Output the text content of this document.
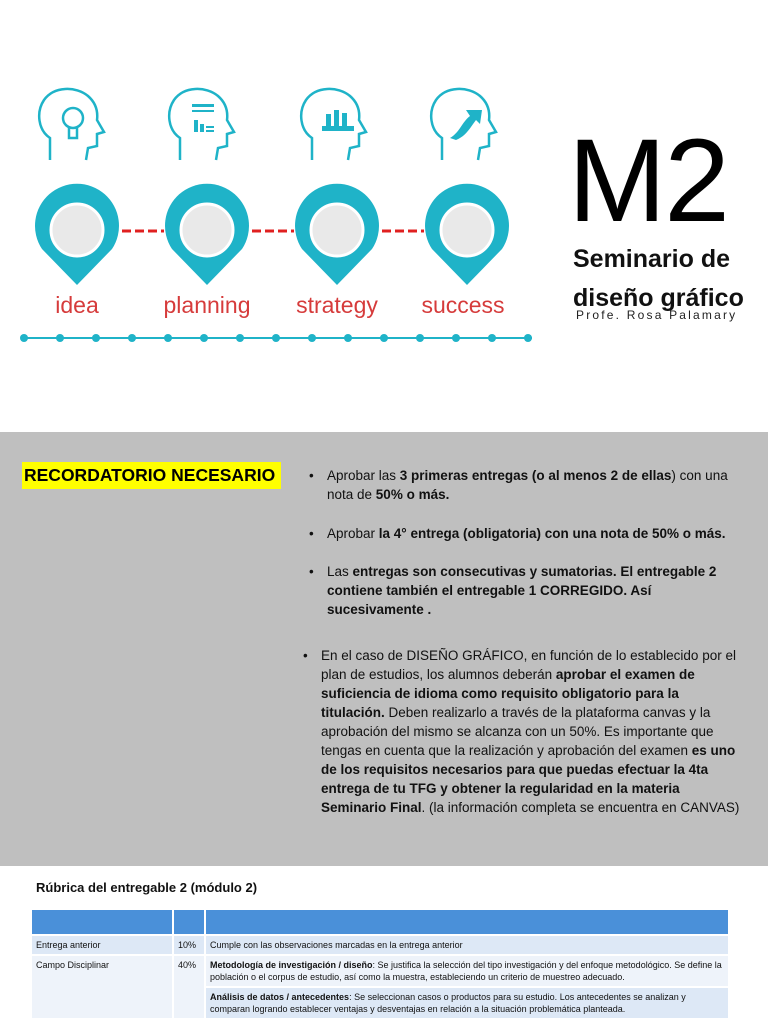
idea	planning	strategy	success
M2
Seminario de
diseño gráfico
Profe. Rosa Palamary
RECORDATORIO NECESARIO	• Aprobar las 3 primeras entregas (o al menos 2 de ellas) con una nota de 50% o más.
• Aprobar la 4° entrega (obligatoria) con una nota de 50% o más.
• Las entregas son consecutivas y sumatorias. El entregable 2 contiene también el entregable 1 CORREGIDO. Así sucesivamente .
• En el caso de DISEÑO GRÁFICO, en función de lo establecido por el plan de estudios, los alumnos deberán aprobar el examen de suficiencia de idioma como requisito obligatorio para la titulación. Deben realizarlo a través de la plataforma canvas y la aprobación del mismo se alcanza con un 50%. Es importante que tengas en cuenta que la realización y aprobación del examen es uno de los requisitos necesarios para que puedas efectuar la 4ta entrega de tu TFG y obtener la regularidad en la materia Seminario Final. (la información completa se encuentra en CANVAS)
Rúbrica del entregable 2 (módulo 2)

Entrega anterior	10%	Cumple con las observaciones marcadas en la entrega anterior
Campo Disciplinar	40%	Metodología de investigación / diseño: Se justifica la selección del tipo investigación y del enfoque metodológico. Se define la población o el corpus de estudio, así como la muestra, estableciendo un criterio de muestreo adecuado.
		Análisis de datos / antecedentes: Se seleccionan casos o productos para su estudio. Los antecedentes se analizan y comparan logrando establecer ventajas y desventajas en relación a la situación problemática planteada.
